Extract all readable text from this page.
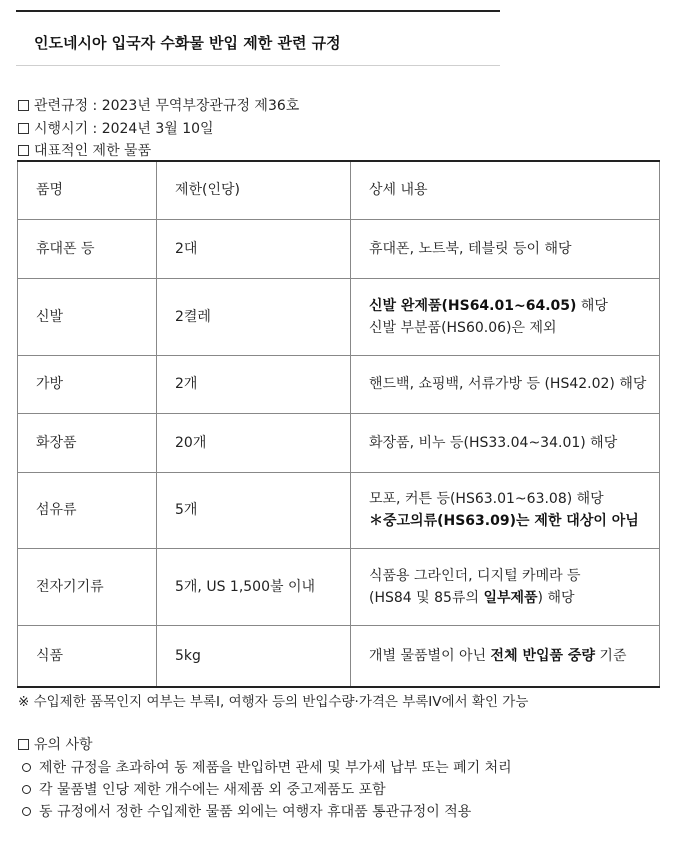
인도네시아 입국자 수화물 반입 제한 관련 규정
관련규정 : 2023년 무역부장관규정 제36호
시행시기 : 2024년 3월 10일
대표적인 제한 물품
품명	제한(인당)	상세 내용
휴대폰 등	2대	휴대폰, 노트북, 테블릿 등이 해당

신발	2켤레	신발 완제품(HS64.01~64.05) 해당
신발 부분품(HS60.06)은 제외

가방	2개	핸드백, 쇼핑백, 서류가방 등 (HS42.02) 해당

화장품	20개	화장품, 비누 등(HS33.04~34.01) 해당

섬유류	5개	모포, 커튼 등(HS63.01~63.08) 해당
＊중고의류(HS63.09)는 제한 대상이 아님

전자기기류	5개, US 1,500불 이내	식품용 그라인더, 디지털 카메라 등
(HS84 및 85류의 일부제품) 해당

식품	5kg	개별 물품별이 아닌 전체 반입품 중량 기준
※ 수입제한 품목인지 여부는 부록I, 여행자 등의 반입수량·가격은 부록IV에서 확인 가능
유의 사항
제한 규정을 초과하여 동 제품을 반입하면 관세 및 부가세 납부 또는 폐기 처리
각 물품별 인당 제한 개수에는 새제품 외 중고제품도 포함
동 규정에서 정한 수입제한 물품 외에는 여행자 휴대품 통관규정이 적용
